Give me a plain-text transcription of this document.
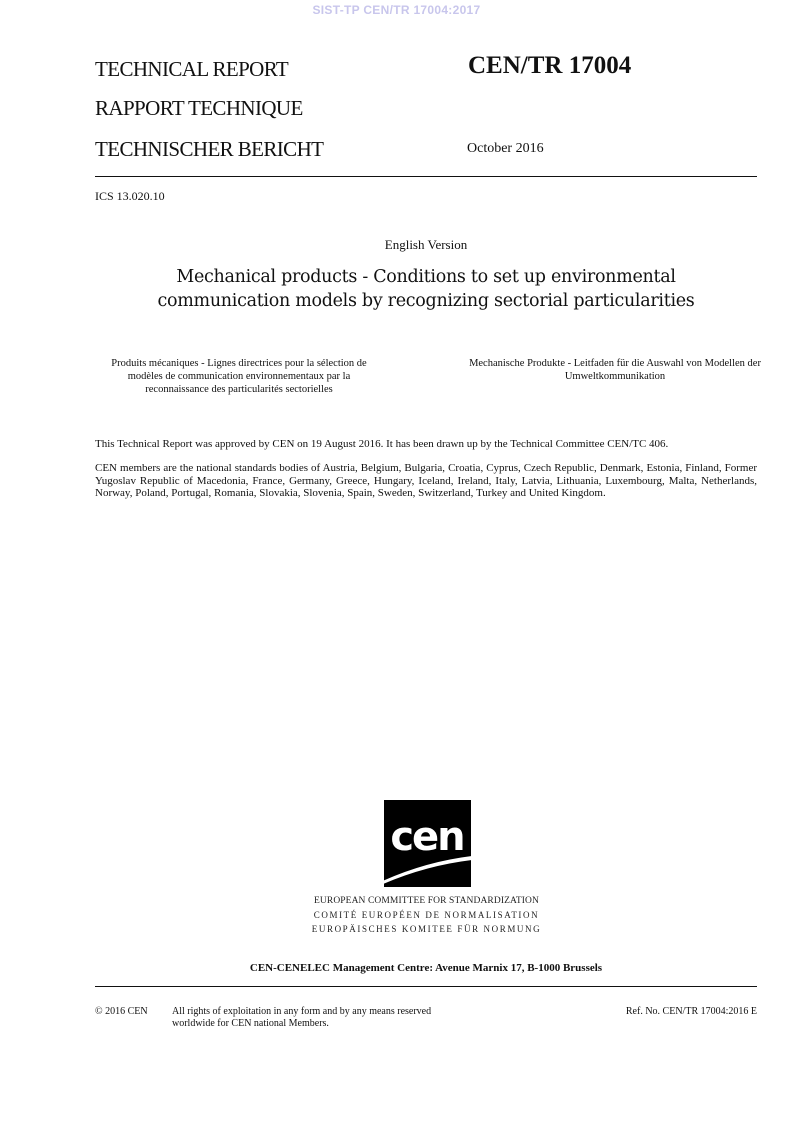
SIST-TP CEN/TR 17004:2017
TECHNICAL REPORT
RAPPORT TECHNIQUE
TECHNISCHER BERICHT
CEN/TR 17004
October 2016
ICS 13.020.10
English Version
Mechanical products - Conditions to set up environmental communication models by recognizing sectorial particularities
Produits mécaniques - Lignes directrices pour la sélection de modèles de communication environnementaux par la reconnaissance des particularités sectorielles
Mechanische Produkte - Leitfaden für die Auswahl von Modellen der Umweltkommunikation
This Technical Report was approved by CEN on 19 August 2016. It has been drawn up by the Technical Committee CEN/TC 406.
CEN members are the national standards bodies of Austria, Belgium, Bulgaria, Croatia, Cyprus, Czech Republic, Denmark, Estonia, Finland, Former Yugoslav Republic of Macedonia, France, Germany, Greece, Hungary, Iceland, Ireland, Italy, Latvia, Lithuania, Luxembourg, Malta, Netherlands, Norway, Poland, Portugal, Romania, Slovakia, Slovenia, Spain, Sweden, Switzerland, Turkey and United Kingdom.
cen
EUROPEAN COMMITTEE FOR STANDARDIZATION
COMITÉ EUROPÉEN DE NORMALISATION
EUROPÄISCHES KOMITEE FÜR NORMUNG
CEN-CENELEC Management Centre: Avenue Marnix 17, B-1000 Brussels
© 2016 CEN All rights of exploitation in any form and by any means reserved
worldwide for CEN national Members.
Ref. No. CEN/TR 17004:2016 E
